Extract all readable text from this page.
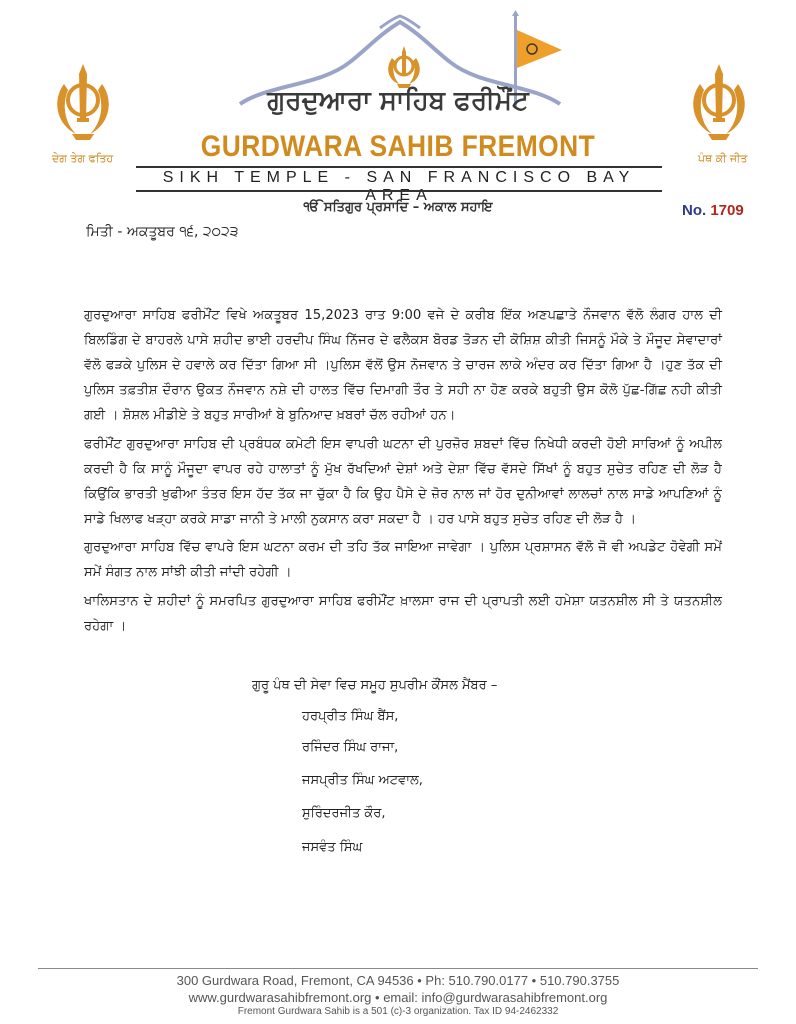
ਦੇਗ ਤੇਗ ਫਤਿਹ	ਪੰਥ ਕੀ ਜੀਤ
ਗੁਰਦੁਆਰਾ ਸਾਹਿਬ ਫਰੀਮੌਂਟ
GURDWARA SAHIB FREMONT
SIKH TEMPLE - SAN FRANCISCO BAY AREA
ੴ ਸਤਿਗੁਰ ਪ੍ਰਸਾਦਿ – ਅਕਾਲ ਸਹਾਇ	No. 1709
ਮਿਤੀ - ਅਕਤੂਬਰ ੧੬, ੨੦੨੩

ਗੁਰਦੁਆਰਾ ਸਾਹਿਬ ਫਰੀਮੌਂਟ ਵਿਖੇ ਅਕਤੂਬਰ 15,2023 ਰਾਤ 9:00 ਵਜੇ ਦੇ ਕਰੀਬ ਇੱਕ ਅਣਪਛਾਤੇ ਨੌਜਵਾਨ ਵੱਲੋ ਲੰਗਰ ਹਾਲ ਦੀ ਬਿਲਡਿੰਗ ਦੇ ਬਾਹਰਲੇ ਪਾਸੇ ਸ਼ਹੀਦ ਭਾਈ ਹਰਦੀਪ ਸਿੰਘ ਨਿੱਜਰ ਦੇ ਫਲੈਕਸ ਬੋਰਡ ਤੋੜਨ ਦੀ ਕੋਸ਼ਿਸ਼ ਕੀਤੀ ਜਿਸਨੂੰ ਮੌਕੇ ਤੇ ਮੌਜੂਦ ਸੇਵਾਦਾਰਾਂ ਵੱਲੋ ਫੜਕੇ ਪੁਲਿਸ ਦੇ ਹਵਾਲੇ ਕਰ ਦਿੱਤਾ ਗਿਆ ਸੀ ।ਪੁਲਿਸ ਵੱਲੋਂ ਉਸ ਨੋਜਵਾਨ ਤੇ ਚਾਰਜ ਲਾਕੇ ਅੰਦਰ ਕਰ ਦਿੱਤਾ ਗਿਆ ਹੈ ।ਹੁਣ ਤੱਕ ਦੀ ਪੁਲਿਸ ਤਫ਼ਤੀਸ਼ ਦੌਰਾਨ ਉਕਤ ਨੌਜਵਾਨ ਨਸ਼ੇ ਦੀ ਹਾਲਤ ਵਿੱਚ ਦਿਮਾਗੀ ਤੌਰ ਤੇ ਸਹੀ ਨਾ ਹੋਣ ਕਰਕੇ ਬਹੁਤੀ ਉਸ ਕੋਲੋ ਪੁੱਛ-ਗਿੱਛ ਨਹੀ ਕੀਤੀ ਗਈ । ਸ਼ੋਸ਼ਲ ਮੀਡੀਏ ਤੇ ਬਹੁਤ ਸਾਰੀਆਂ ਬੇ ਬੁਨਿਆਦ ਖ਼ਬਰਾਂ ਚੱਲ ਰਹੀਆਂ ਹਨ।

ਫਰੀਮੌਂਟ ਗੁਰਦੁਆਰਾ ਸਾਹਿਬ ਦੀ ਪ੍ਰਬੰਧਕ ਕਮੇਟੀ ਇਸ ਵਾਪਰੀ ਘਟਨਾ ਦੀ ਪੁਰਜ਼ੋਰ ਸ਼ਬਦਾਂ ਵਿੱਚ ਨਿਖੇਧੀ ਕਰਦੀ ਹੋਈ ਸਾਰਿਆਂ ਨੂੰ ਅਪੀਲ ਕਰਦੀ ਹੈ ਕਿ ਸਾਨੂੰ ਮੌਜੂਦਾ ਵਾਪਰ ਰਹੇ ਹਾਲਾਤਾਂ ਨੂੰ ਮੁੱਖ ਰੱਖਦਿਆਂ ਦੇਸ਼ਾਂ ਅਤੇ ਦੇਸ਼ਾ ਵਿੱਚ ਵੱਸਦੇ ਸਿੱਖਾਂ ਨੂੰ ਬਹੁਤ ਸੁਚੇਤ ਰਹਿਣ ਦੀ ਲੋੜ ਹੈ ਕਿਉਂਕਿ ਭਾਰਤੀ ਖੁਫੀਆ ਤੰਤਰ ਇਸ ਹੱਦ ਤੱਕ ਜਾ ਚੁੱਕਾ ਹੈ ਕਿ ਉਹ ਪੈਸੇ ਦੇ ਜ਼ੋਰ ਨਾਲ ਜਾਂ ਹੋਰ ਦੁਨੀਆਵਾਂ ਲਾਲਚਾਂ ਨਾਲ ਸਾਡੇ ਆਪਣਿਆਂ ਨੂੰ ਸਾਡੇ ਖਿਲਾਫ ਖੜ੍ਹਾ ਕਰਕੇ ਸਾਡਾ ਜਾਨੀ ਤੇ ਮਾਲੀ ਨੁਕਸਾਨ ਕਰਾ ਸਕਦਾ ਹੈ । ਹਰ ਪਾਸੇ ਬਹੁਤ ਸੁਚੇਤ ਰਹਿਣ ਦੀ ਲੋੜ ਹੈ ।

ਗੁਰਦੁਆਰਾ ਸਾਹਿਬ ਵਿੱਚ ਵਾਪਰੇ ਇਸ ਘਟਨਾ ਕਰਮ ਦੀ ਤਹਿ ਤੱਕ ਜਾਇਆ ਜਾਵੇਗਾ । ਪੁਲਿਸ ਪ੍ਰਸ਼ਾਸਨ ਵੱਲੋ ਜੋ ਵੀ ਅਪਡੇਟ ਹੋਵੇਗੀ ਸਮੇਂ ਸਮੇਂ ਸੰਗਤ ਨਾਲ ਸਾਂਝੀ ਕੀਤੀ ਜਾਂਦੀ ਰਹੇਗੀ ।

ਖਾਲਿਸਤਾਨ ਦੇ ਸ਼ਹੀਦਾਂ ਨੂੰ ਸਮਰਪਿਤ ਗੁਰਦੁਆਰਾ ਸਾਹਿਬ ਫਰੀਮੌਂਟ ਖ਼ਾਲਸਾ ਰਾਜ ਦੀ ਪ੍ਰਾਪਤੀ ਲਈ ਹਮੇਸ਼ਾ ਯਤਨਸ਼ੀਲ ਸੀ ਤੇ ਯਤਨਸ਼ੀਲ ਰਹੇਗਾ ।

ਗੁਰੂ ਪੰਥ ਦੀ ਸੇਵਾ ਵਿਚ ਸਮੂਹ ਸੁਪਰੀਮ ਕੌਂਸਲ ਮੈਂਬਰ –
ਹਰਪ੍ਰੀਤ ਸਿੰਘ ਬੈਂਸ,
ਰਜਿੰਦਰ ਸਿੰਘ ਰਾਜਾ,
ਜਸਪ੍ਰੀਤ ਸਿੰਘ ਅਟਵਾਲ,
ਸੁਰਿੰਦਰਜੀਤ ਕੌਰ,
ਜਸਵੰਤ ਸਿੰਘ
300 Gurdwara Road, Fremont, CA 94536 • Ph: 510.790.0177 • 510.790.3755
www.gurdwarasahibfremont.org • email: info@gurdwarasahibfremont.org
Fremont Gurdwara Sahib is a 501 (c)-3 organization. Tax ID 94-2462332
